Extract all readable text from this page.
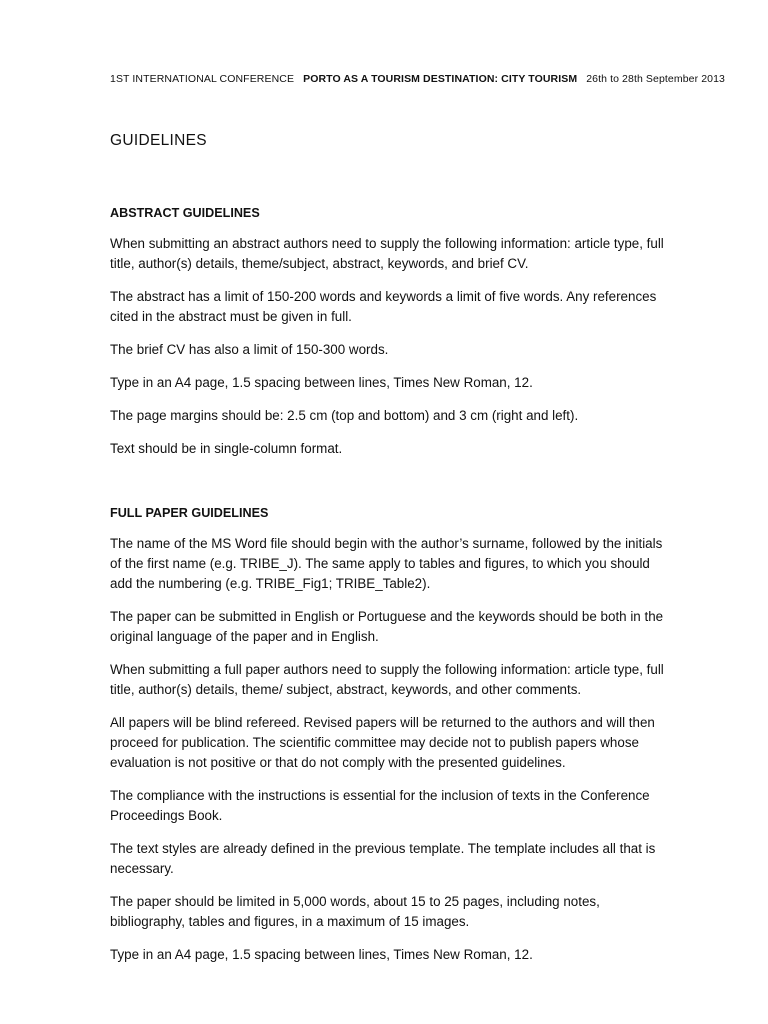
1ST INTERNATIONAL CONFERENCE PORTO AS A TOURISM DESTINATION: CITY TOURISM 26th to 28th September 2013
GUIDELINES
ABSTRACT GUIDELINES
When submitting an abstract authors need to supply the following information: article type, full title, author(s) details, theme/subject, abstract, keywords, and brief CV.
The abstract has a limit of 150-200 words and keywords a limit of five words. Any references cited in the abstract must be given in full.
The brief CV has also a limit of 150-300 words.
Type in an A4 page, 1.5 spacing between lines, Times New Roman, 12.
The page margins should be: 2.5 cm (top and bottom) and 3 cm (right and left).
Text should be in single-column format.
FULL PAPER GUIDELINES
The name of the MS Word file should begin with the author’s surname, followed by the initials of the first name (e.g. TRIBE_J). The same apply to tables and figures, to which you should add the numbering (e.g. TRIBE_Fig1; TRIBE_Table2).
The paper can be submitted in English or Portuguese and the keywords should be both in the original language of the paper and in English.
When submitting a full paper authors need to supply the following information: article type, full title, author(s) details, theme/ subject, abstract, keywords, and other comments.
All papers will be blind refereed. Revised papers will be returned to the authors and will then proceed for publication. The scientific committee may decide not to publish papers whose evaluation is not positive or that do not comply with the presented guidelines.
The compliance with the instructions is essential for the inclusion of texts in the Conference Proceedings Book.
The text styles are already defined in the previous template. The template includes all that is necessary.
The paper should be limited in 5,000 words, about 15 to 25 pages, including notes, bibliography, tables and figures, in a maximum of 15 images.
Type in an A4 page, 1.5 spacing between lines, Times New Roman, 12.
